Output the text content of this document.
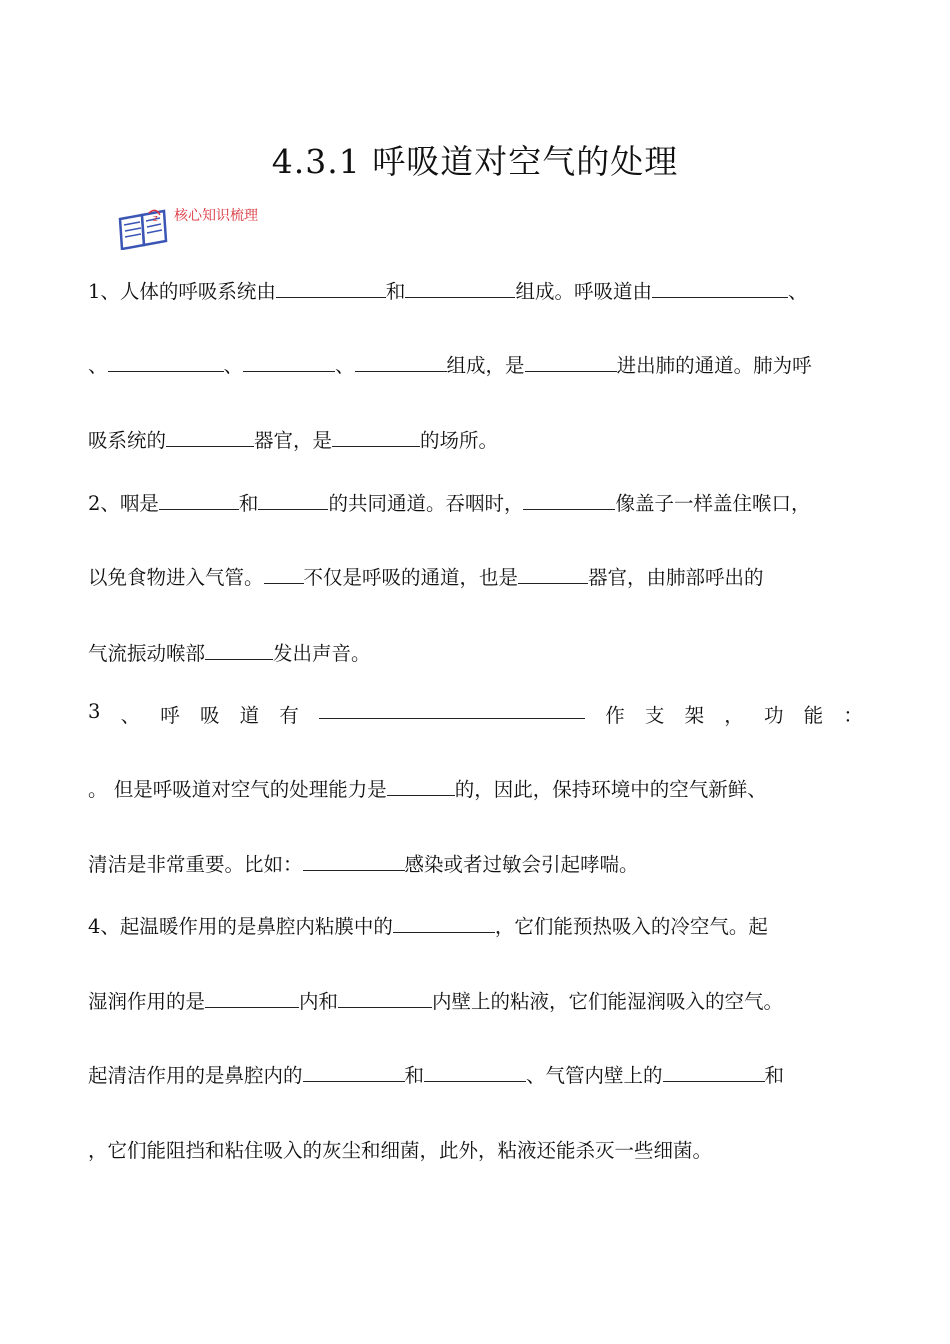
4.3.1 呼吸道对空气的处理
z 核心知识梳理
1、人体的呼吸系统由	和	组成。呼吸道由	、
、	、	、	组成，是	进出肺的通道。肺为呼
吸系统的	器官，是	的场所。
2、咽是	和	的共同通道。吞咽时，	像盖子一样盖住喉口，
以免食物进入气管。 不仅是呼吸的通道，也是	器官，由肺部呼出的
气流振动喉部	发出声音。
3 、 呼 吸 道 有	作 支 架 ， 功 能 ：
。 但是呼吸道对空气的处理能力是	的，因此，保持环境中的空气新鲜、
清洁是非常重要。比如：	感染或者过敏会引起哮喘。
4、起温暖作用的是鼻腔内粘膜中的	，它们能预热吸入的冷空气。起
湿润作用的是	内和	内壁上的粘液，它们能湿润吸入的空气。
起清洁作用的是鼻腔内的	和	、气管内壁上的	和
，它们能阻挡和粘住吸入的灰尘和细菌，此外，粘液还能杀灭一些细菌。
